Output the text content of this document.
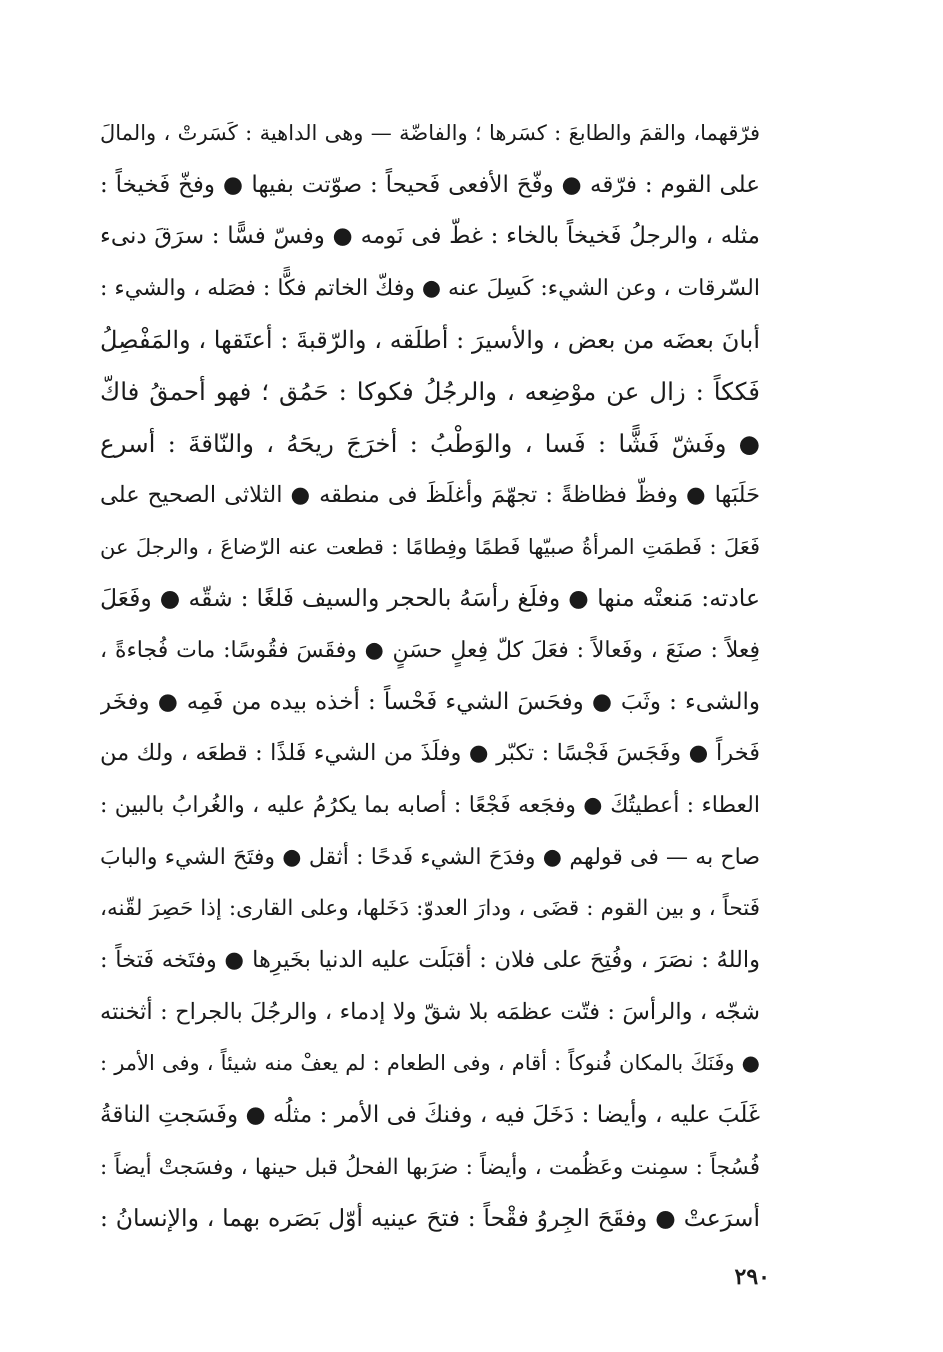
فرّقهما، والقمَ والطابعَ : كسَرها ؛ والفاضّة — وهى الداهية : كَسَرتْ ، والمالَ
على القوم : فرّقه ● وفّحَ الأفعى فَحيحاً : صوّتت بفيها ● وفخّ فَخيخاً :
مثله ، والرجلُ فَخيخاً بالخاء : غطّ فى نَومه ● وفسّ فسًّا : سرَقَ دنىء
السّرقات ، وعن الشيء: كَسِلَ عنه ● وفكّ الخاتم فكًّا : فصَله ، والشيء :
أبانَ بعضَه من بعض ، والأسيرَ : أطلَقه ، والرّقبةَ : أعتَقها ، والمَفْصِلُ
فَككاً : زال عن موْضِعه ، والرجُلُ فكوكا : حَمُق ؛ فهو أحمقُ فاكّ
● وفَشّ فَشًّا : فَسا ، والوَطْبُ : أخرَجَ ريحَهُ ، والنّاقةَ : أسرع
حَلَبَها ● وفظّ فظاظةً : تجهّمَ وأغلَظَ فى منطقه ● الثلاثى الصحيح على
فَعَلَ : فَطمَتِ المرأةُ صبيّها فَطمًا وفِطامًا : قطعت عنه الرّضاعَ ، والرجلَ عن
عادته: مَنعتْه منها ● وفلَغ رأسَهُ بالحجر والسيف فَلغًا : شقّه ● وفَعَلَ
فِعلاً : صنَعَ ، وفَعالاً : فعَلَ كلّ فِعلٍ حسَنٍ ● وفقَسَ فقُوسًا: مات فُجاءةً ،
والشىء : وثَبَ ● وفحَسَ الشيء فَحْساً : أخذه بيده من فَمِه ● وفخَر
فَخراً ● وفَجَسَ فَجْسًا : تكبّر ● وفلَذَ من الشيء فَلذًا : قطعَه ، ولك من
العطاء : أعطيتُكَ ● وفجَعه فَجْعًا : أصابه بما يكرُمُ عليه ، والغُرابُ بالبين :
صاح به — فى قولهم ● وفدَحَ الشيء فَدحًا : أثقل ● وفتَحَ الشيء والبابَ
فَتحاً ، و بين القوم : قضَى ، ودارَ العدوّ: دَخَلها، وعلى القارى: إذا حَصِرَ لقّنه،
واللهُ : نصَرَ ، وفُتِحَ على فلان : أقبَلَت عليه الدنيا بخَيرِها ● وفتَخه فَتخاً :
شجّه ، والرأسَ : فتّت عظمَه بلا شقّ ولا إدماء ، والرجُلَ بالجراح : أثخنته
● وفَنَكَ بالمكان فُنوكاً : أقام ، وفى الطعام : لم يعفْ منه شيئاً ، وفى الأمر :
غَلَبَ عليه ، وأيضا : دَخَلَ فيه ، وفنكَ فى الأمر : مثلُه ● وفَسَجتِ الناقةُ
فُسُجاً : سمِنت وعَظُمت ، وأيضاً : ضرَبها الفحلُ قبل حينها ، وفسَجتْ أيضاً :
أسرَعتْ ● وفقَحَ الجِروُ فقْحاً : فتحَ عينيه أوّل بَصَره بهما ، والإنسانُ :
٢٩٠
